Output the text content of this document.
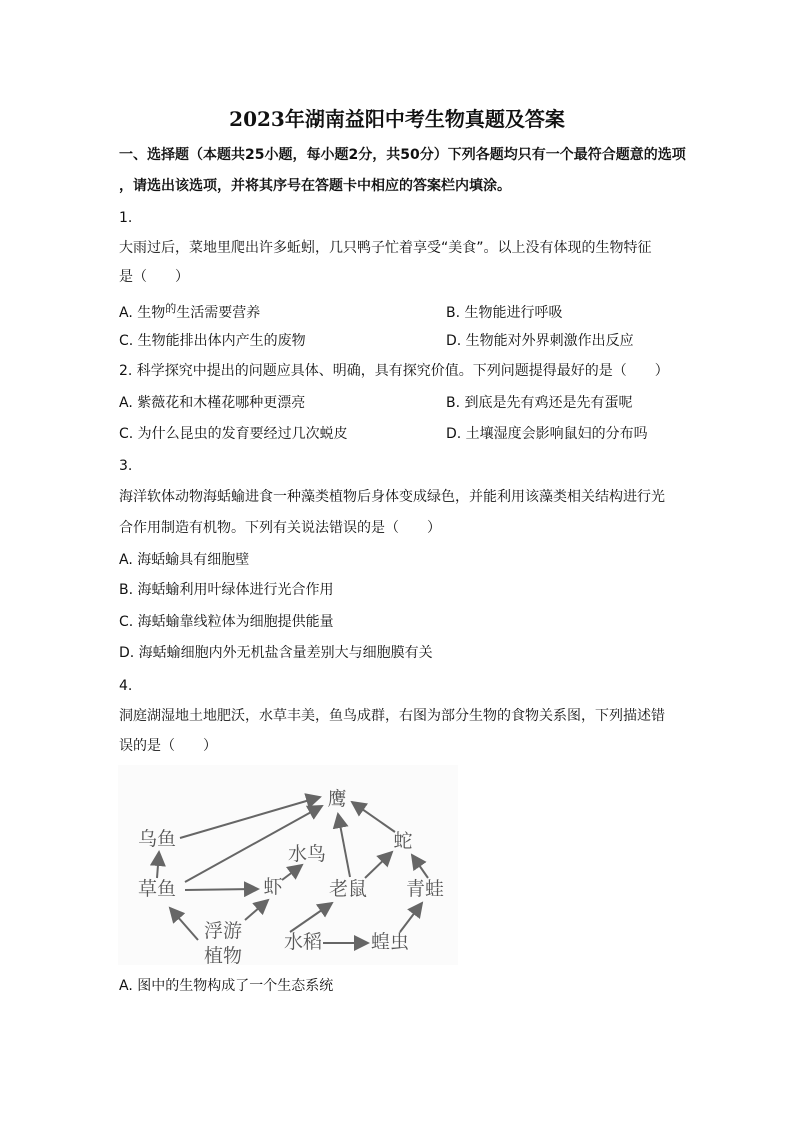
2023年湖南益阳中考生物真题及答案
一、选择题（本题共25小题，每小题2分，共50分）下列各题均只有一个最符合题意的选项
，请选出该选项，并将其序号在答题卡中相应的答案栏内填涂。
1.
大雨过后，菜地里爬出许多蚯蚓，几只鸭子忙着享受“美食”。以上没有体现的生物特征
是（　　）
A. 生物$^的$生活需要营养	B. 生物能进行呼吸
C. 生物能排出体内产生的废物	D. 生物能对外界刺激作出反应
2. 科学探究中提出的问题应具体、明确，具有探究价值。下列问题提得最好的是（　　）
A. 紫薇花和木槿花哪种更漂亮	B. 到底是先有鸡还是先有蛋呢
C. 为什么昆虫的发育要经过几次蜕皮	D. 土壤湿度会影响鼠妇的分布吗
3.
海洋软体动物海蛞蝓进食一种藻类植物后身体变成绿色，并能利用该藻类相关结构进行光
合作用制造有机物。下列有关说法错误的是（　　）
A. 海蛞蝓具有细胞壁
B. 海蛞蝓利用叶绿体进行光合作用
C. 海蛞蝓靠线粒体为细胞提供能量
D. 海蛞蝓细胞内外无机盐含量差别大与细胞膜有关
4.
洞庭湖湿地土地肥沃，水草丰美，鱼鸟成群，右图为部分生物的食物关系图，下列描述错
误的是（　　）
鹰
乌鱼
水鸟
蛇
草鱼	虾 老鼠 青蛙
浮游
植物
水稻	蝗虫
A. 图中的生物构成了一个生态系统
